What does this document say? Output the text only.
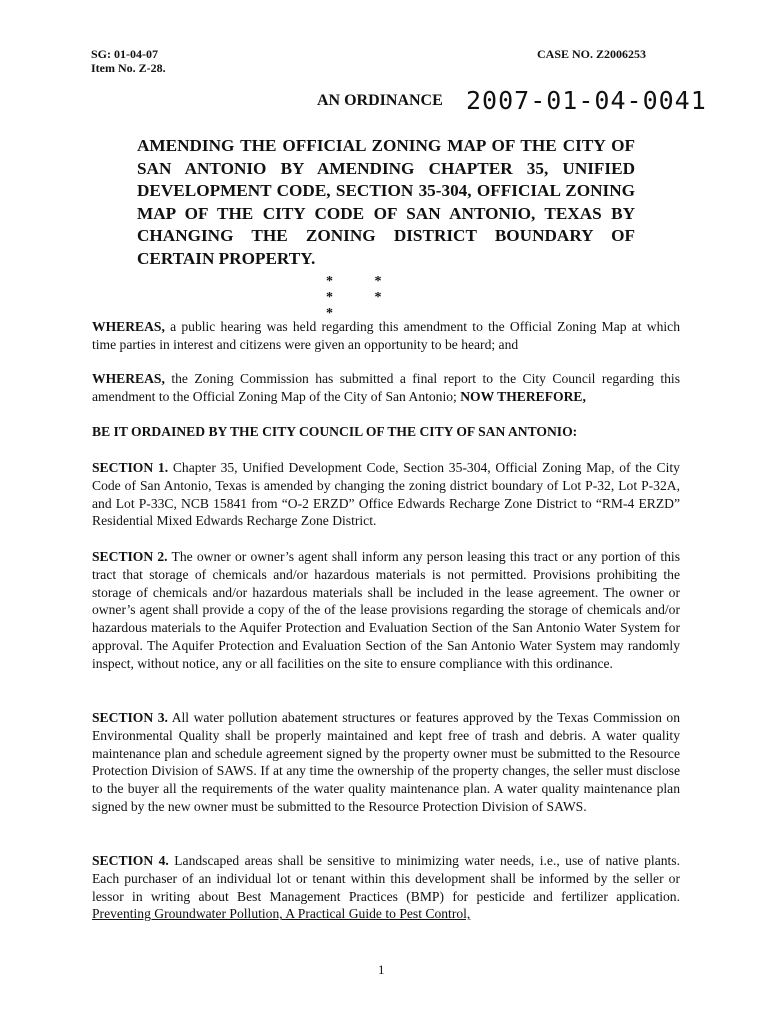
SG: 01-04-07
Item No. Z-28.
CASE NO. Z2006253
AN ORDINANCE 2007-01-04-0041

AMENDING THE OFFICIAL ZONING MAP OF THE CITY OF SAN ANTONIO BY AMENDING CHAPTER 35, UNIFIED DEVELOPMENT CODE, SECTION 35-304, OFFICIAL ZONING MAP OF THE CITY CODE OF SAN ANTONIO, TEXAS BY CHANGING THE ZONING DISTRICT BOUNDARY OF CERTAIN PROPERTY.

* * * * *

WHEREAS, a public hearing was held regarding this amendment to the Official Zoning Map at which time parties in interest and citizens were given an opportunity to be heard; and

WHEREAS, the Zoning Commission has submitted a final report to the City Council regarding this amendment to the Official Zoning Map of the City of San Antonio; NOW THEREFORE,

BE IT ORDAINED BY THE CITY COUNCIL OF THE CITY OF SAN ANTONIO:

SECTION 1. Chapter 35, Unified Development Code, Section 35-304, Official Zoning Map, of the City Code of San Antonio, Texas is amended by changing the zoning district boundary of Lot P-32, Lot P-32A, and Lot P-33C, NCB 15841 from “O-2 ERZD” Office Edwards Recharge Zone District to “RM-4 ERZD” Residential Mixed Edwards Recharge Zone District.

SECTION 2. The owner or owner’s agent shall inform any person leasing this tract or any portion of this tract that storage of chemicals and/or hazardous materials is not permitted. Provisions prohibiting the storage of chemicals and/or hazardous materials shall be included in the lease agreement. The owner or owner’s agent shall provide a copy of the of the lease provisions regarding the storage of chemicals and/or hazardous materials to the Aquifer Protection and Evaluation Section of the San Antonio Water System for approval. The Aquifer Protection and Evaluation Section of the San Antonio Water System may randomly inspect, without notice, any or all facilities on the site to ensure compliance with this ordinance.

SECTION 3. All water pollution abatement structures or features approved by the Texas Commission on Environmental Quality shall be properly maintained and kept free of trash and debris. A water quality maintenance plan and schedule agreement signed by the property owner must be submitted to the Resource Protection Division of SAWS. If at any time the ownership of the property changes, the seller must disclose to the buyer all the requirements of the water quality maintenance plan. A water quality maintenance plan signed by the new owner must be submitted to the Resource Protection Division of SAWS.

SECTION 4. Landscaped areas shall be sensitive to minimizing water needs, i.e., use of native plants. Each purchaser of an individual lot or tenant within this development shall be informed by the seller or lessor in writing about Best Management Practices (BMP) for pesticide and fertilizer application. Preventing Groundwater Pollution, A Practical Guide to Pest Control,

1
